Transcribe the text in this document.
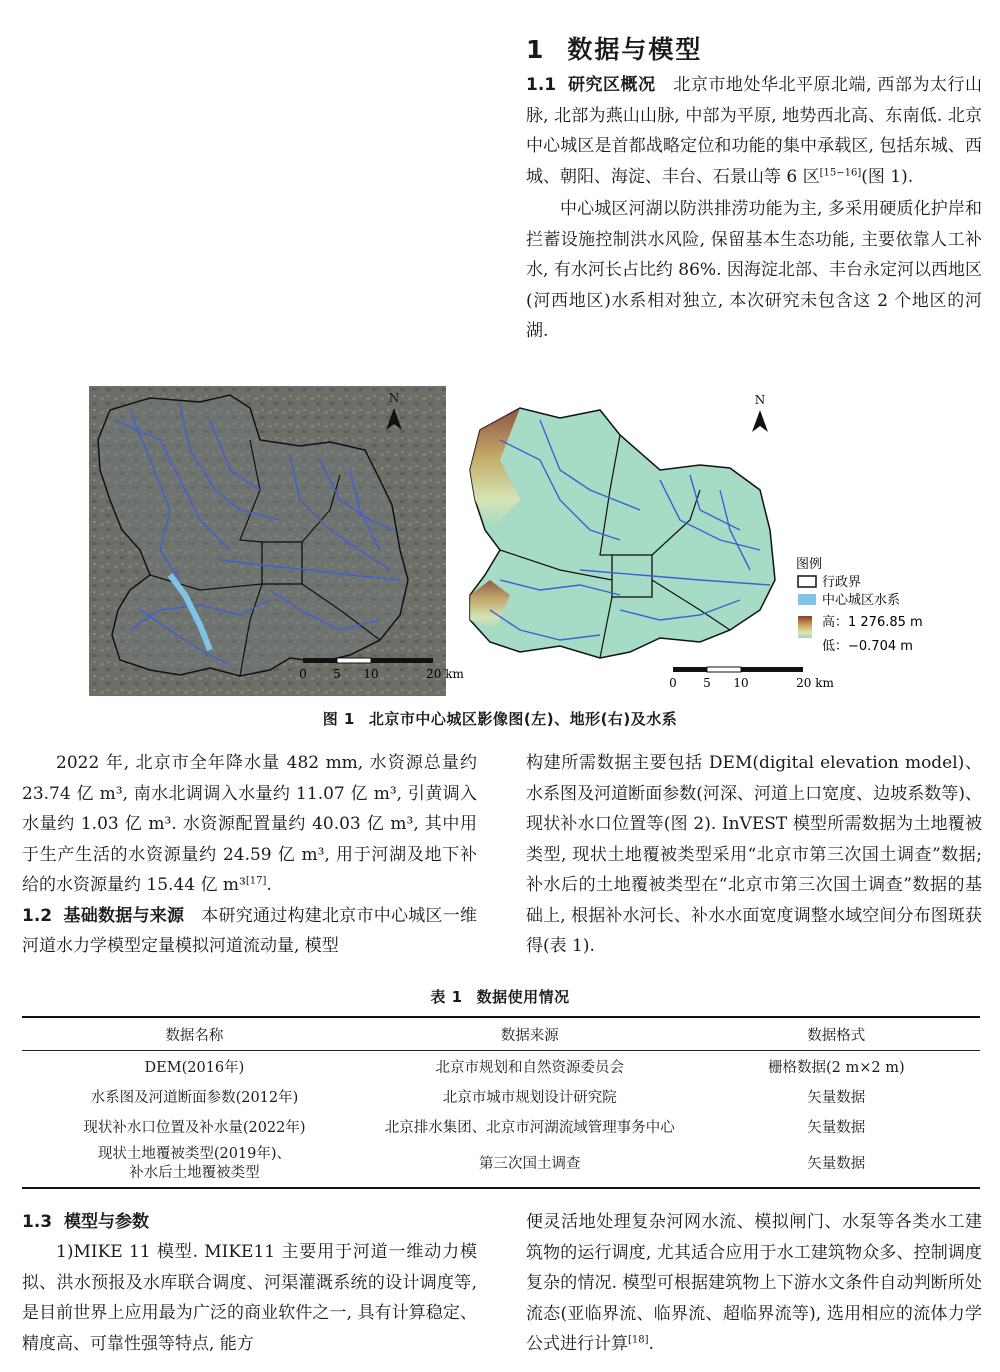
1 数据与模型

1.1 研究区概况 北京市地处华北平原北端, 西部为太行山脉, 北部为燕山山脉, 中部为平原, 地势西北高、东南低. 北京中心城区是首都战略定位和功能的集中承载区, 包括东城、西城、朝阳、海淀、丰台、石景山等 6 区[15−16](图 1).

中心城区河湖以防洪排涝功能为主, 多采用硬质化护岸和拦蓄设施控制洪水风险, 保留基本生态功能, 主要依靠人工补水, 有水河长占比约 86%. 因海淀北部、丰台永定河以西地区(河西地区)水系相对独立, 本次研究未包含这 2 个地区的河湖.

N
0 5 10	20 km
N
0 5 10	20 km
图例
行政界
中心城区水系
高：1 276.85 m
低：−0.704 m
图 1 北京市中心城区影像图(左)、地形(右)及水系

2022 年, 北京市全年降水量 482 mm, 水资源总量约 23.74 亿 m³, 南水北调调入水量约 11.07 亿 m³, 引黄调入水量约 1.03 亿 m³. 水资源配置量约 40.03 亿 m³, 其中用于生产生活的水资源量约 24.59 亿 m³, 用于河湖及地下补给的水资源量约 15.44 亿 m³[17].

1.2 基础数据与来源 本研究通过构建北京市中心城区一维河道水力学模型定量模拟河道流动量, 模型

构建所需数据主要包括 DEM(digital elevation model)、水系图及河道断面参数(河深、河道上口宽度、边坡系数等)、现状补水口位置等(图 2). InVEST 模型所需数据为土地覆被类型, 现状土地覆被类型采用“北京市第三次国土调查”数据; 补水后的土地覆被类型在“北京市第三次国土调查”数据的基础上, 根据补水河长、补水水面宽度调整水域空间分布图斑获得(表 1).

表 1 数据使用情况
数据名称	数据来源	数据格式
DEM(2016年)	北京市规划和自然资源委员会	栅格数据(2 m×2 m)
水系图及河道断面参数(2012年)	北京市城市规划设计研究院	矢量数据
现状补水口位置及补水量(2022年)	北京排水集团、北京市河湖流域管理事务中心	矢量数据
现状土地覆被类型(2019年)、
补水后土地覆被类型	第三次国土调查	矢量数据
1.3 模型与参数

1)MIKE 11 模型. MIKE11 主要用于河道一维动力模拟、洪水预报及水库联合调度、河渠灌溉系统的设计调度等, 是目前世界上应用最为广泛的商业软件之一, 具有计算稳定、精度高、可靠性强等特点, 能方

便灵活地处理复杂河网水流、模拟闸门、水泵等各类水工建筑物的运行调度, 尤其适合应用于水工建筑物众多、控制调度复杂的情况. 模型可根据建筑物上下游水文条件自动判断所处流态(亚临界流、临界流、超临界流等), 选用相应的流体力学公式进行计算[18].
